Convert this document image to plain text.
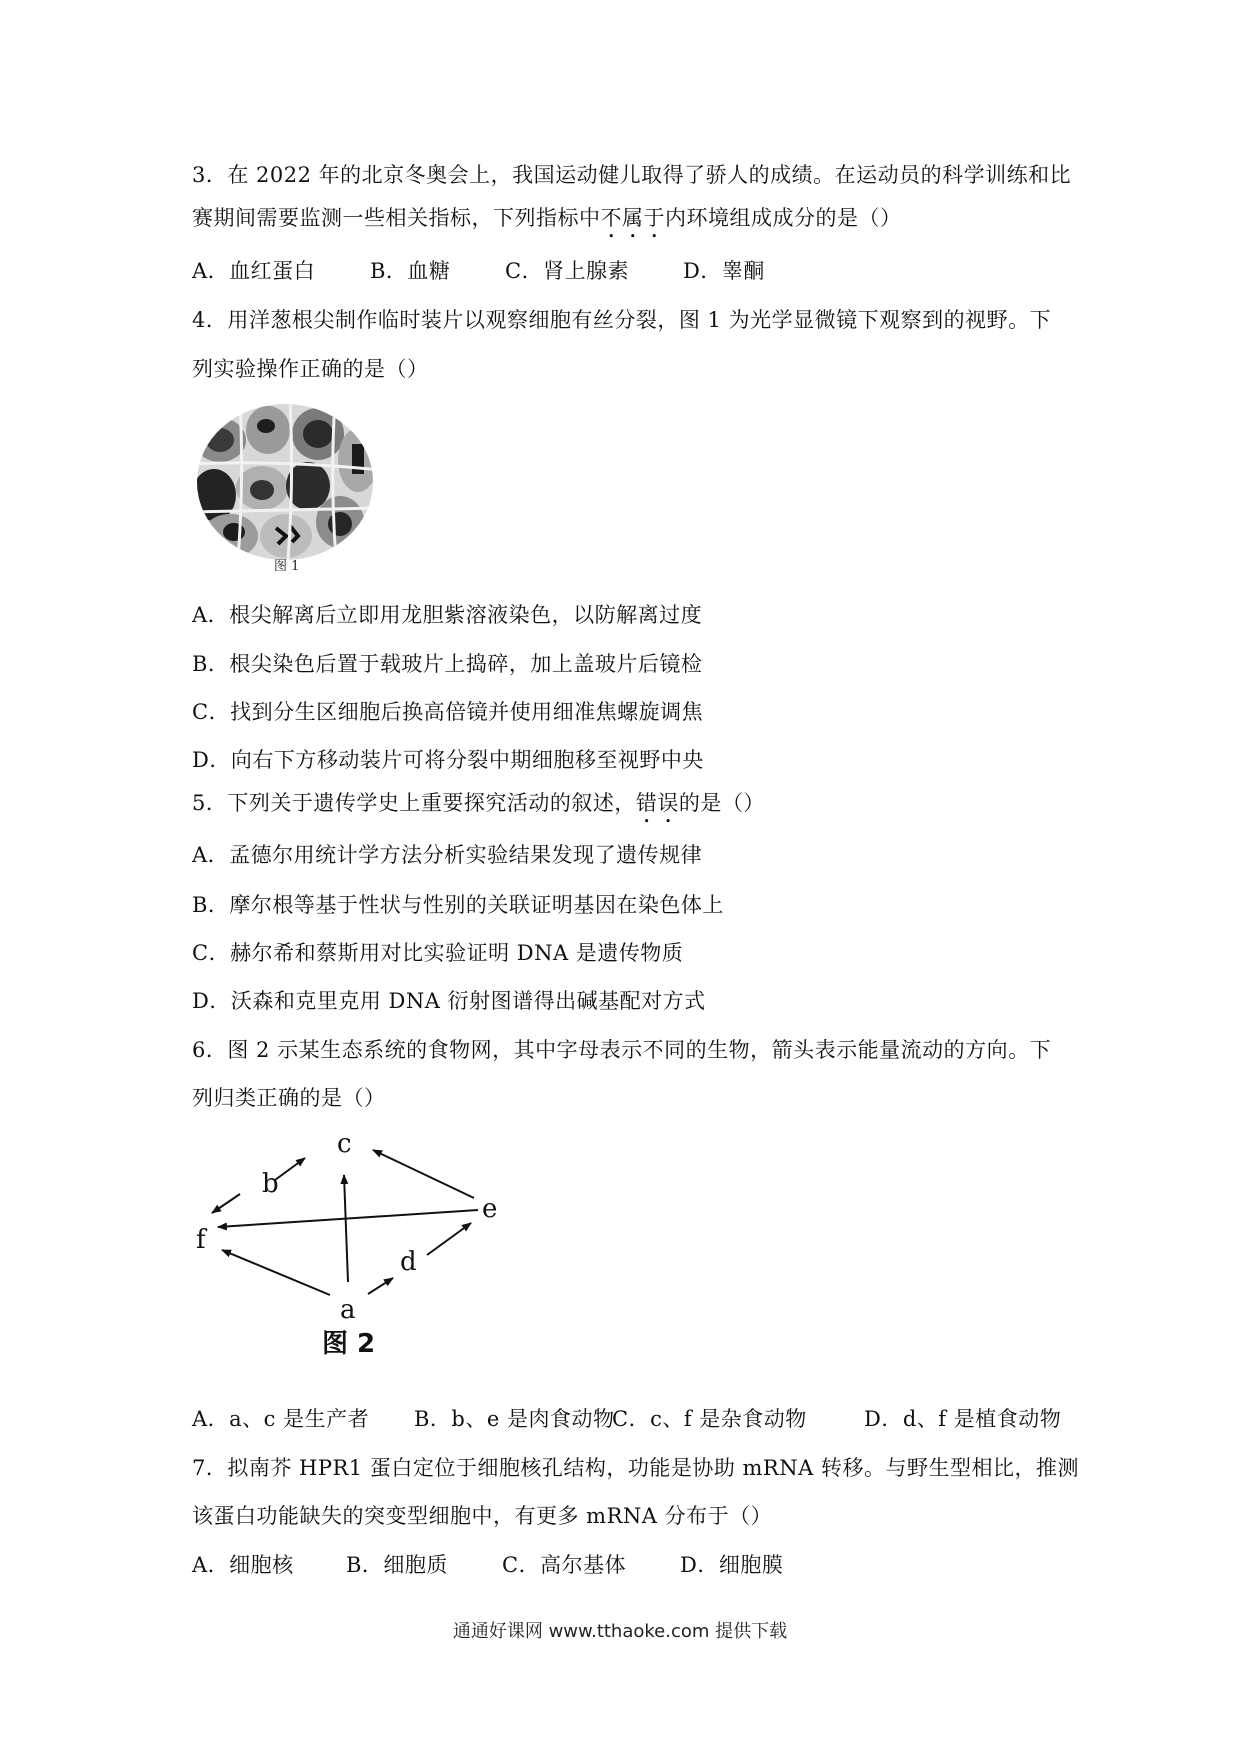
3．在 2022 年的北京冬奥会上，我国运动健儿取得了骄人的成绩。在运动员的科学训练和比
赛期间需要监测一些相关指标，下列指标中不属于内环境组成成分的是（）
A．血红蛋白	B．血糖	C．肾上腺素	D．睾酮
4．用洋葱根尖制作临时装片以观察细胞有丝分裂，图 1 为光学显微镜下观察到的视野。下
列实验操作正确的是（）
图 1
A．根尖解离后立即用龙胆紫溶液染色，以防解离过度
B．根尖染色后置于载玻片上捣碎，加上盖玻片后镜检
C．找到分生区细胞后换高倍镜并使用细准焦螺旋调焦
D．向右下方移动装片可将分裂中期细胞移至视野中央
5．下列关于遗传学史上重要探究活动的叙述，错误的是（）
A．孟德尔用统计学方法分析实验结果发现了遗传规律
B．摩尔根等基于性状与性别的关联证明基因在染色体上
C．赫尔希和蔡斯用对比实验证明 DNA 是遗传物质
D．沃森和克里克用 DNA 衍射图谱得出碱基配对方式
6．图 2 示某生态系统的食物网，其中字母表示不同的生物，箭头表示能量流动的方向。下
列归类正确的是（）
c
b
e
f
d
a
图 2
A．a、c 是生产者 B．b、e 是肉食动物
C．c、f 是杂食动物	D．d、f 是植食动物
7．拟南芥 HPR1 蛋白定位于细胞核孔结构，功能是协助 mRNA 转移。与野生型相比，推测
该蛋白功能缺失的突变型细胞中，有更多 mRNA 分布于（）
A．细胞核 B．细胞质	C．高尔基体	D．细胞膜
通通好课网 www.tthaoke.com 提供下载
